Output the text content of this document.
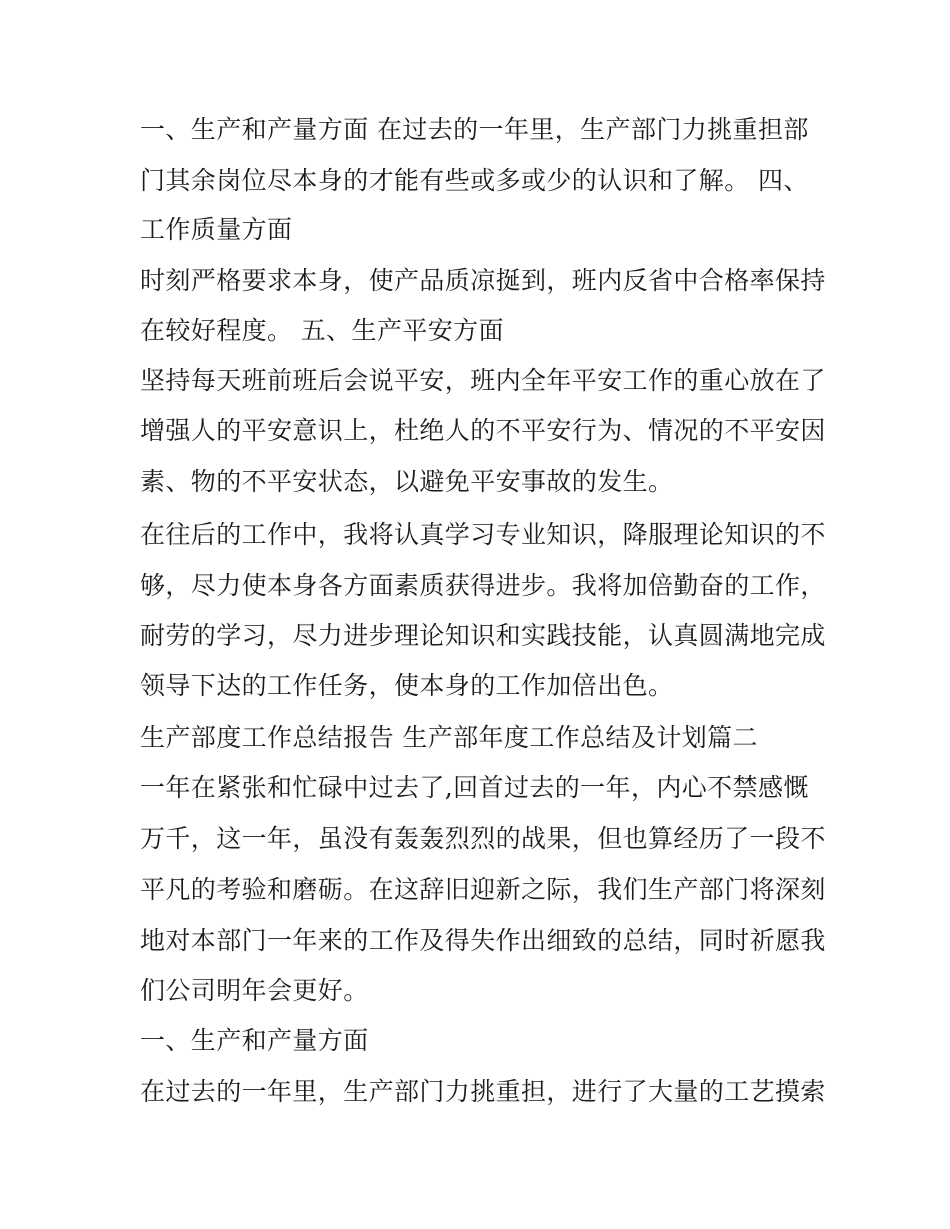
一、生产和产量方面 在过去的一年里，生产部门力挑重担部
门其余岗位尽本身的才能有些或多或少的认识和了解。 四、
工作质量方面
时刻严格要求本身，使产品质凉挻到，班内反省中合格率保持
在较好程度。 五、生产平安方面
坚持每天班前班后会说平安，班内全年平安工作的重心放在了
增强人的平安意识上，杜绝人的不平安行为、情况的不平安因
素、物的不平安状态，以避免平安事故的发生。
在往后的工作中，我将认真学习专业知识，降服理论知识的不
够，尽力使本身各方面素质获得进步。我将加倍勤奋的工作，
耐劳的学习，尽力进步理论知识和实践技能，认真圆满地完成
领导下达的工作任务，使本身的工作加倍出色。
生产部度工作总结报告 生产部年度工作总结及计划篇二
一年在紧张和忙碌中过去了,回首过去的一年，内心不禁感慨
万千，这一年，虽没有轰轰烈烈的战果，但也算经历了一段不
平凡的考验和磨砺。在这辞旧迎新之际，我们生产部门将深刻
地对本部门一年来的工作及得失作出细致的总结，同时祈愿我
们公司明年会更好。
一、生产和产量方面
在过去的一年里，生产部门力挑重担，进行了大量的工艺摸索
